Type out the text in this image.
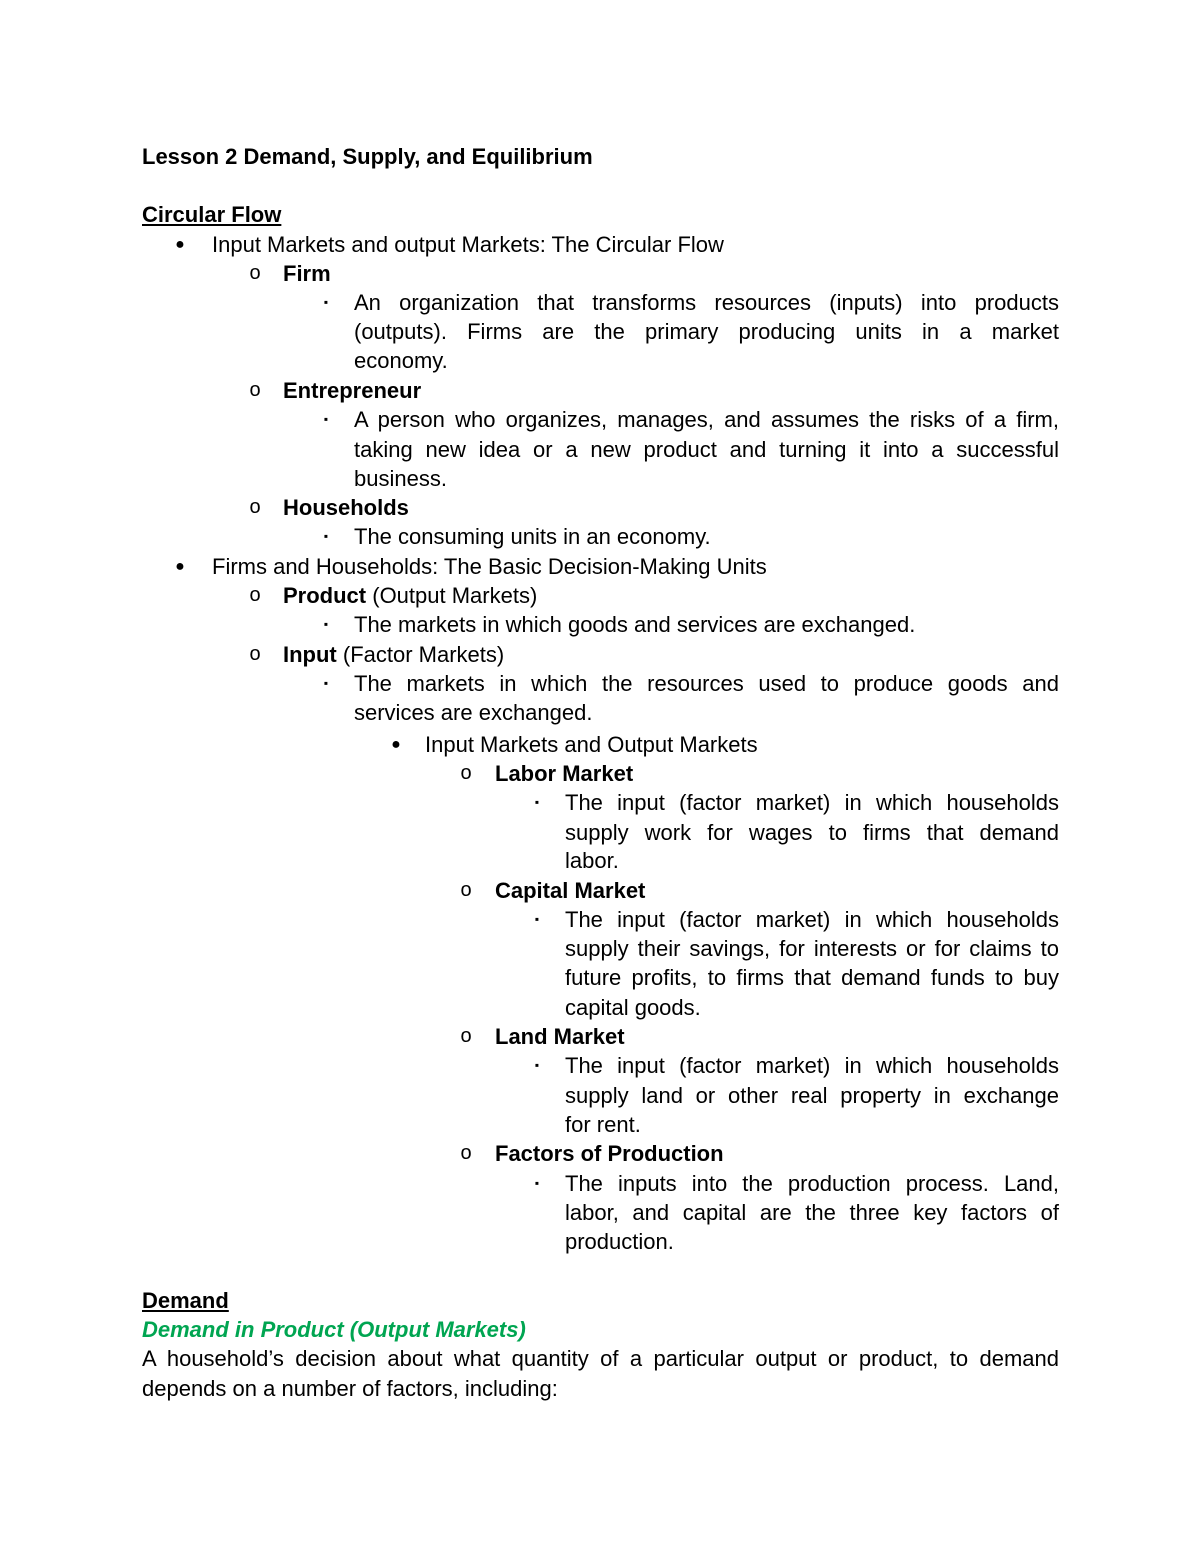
Lesson 2 Demand, Supply, and Equilibrium
Circular Flow
● Input Markets and output Markets: The Circular Flow
o Firm
▪	An organization that transforms resources (inputs) into products
(outputs). Firms are the primary producing units in a market
economy.
o Entrepreneur
▪	A person who organizes, manages, and assumes the risks of a firm,
taking new idea or a new product and turning it into a successful
business.
o Households
▪	The consuming units in an economy.
● Firms and Households: The Basic Decision-Making Units
o Product (Output Markets)
▪	The markets in which goods and services are exchanged.
o Input (Factor Markets)
▪	The markets in which the resources used to produce goods and
services are exchanged.
● Input Markets and Output Markets
o Labor Market
▪	The input (factor market) in which households
supply work for wages to firms that demand
labor.
o Capital Market
▪	The input (factor market) in which households
supply their savings, for interests or for claims to
future profits, to firms that demand funds to buy
capital goods.
o Land Market
▪	The input (factor market) in which households
supply land or other real property in exchange
for rent.
o Factors of Production
▪	The inputs into the production process. Land,
labor, and capital are the three key factors of
production.
Demand
Demand in Product (Output Markets)
A household’s decision about what quantity of a particular output or product, to demand
depends on a number of factors, including:
